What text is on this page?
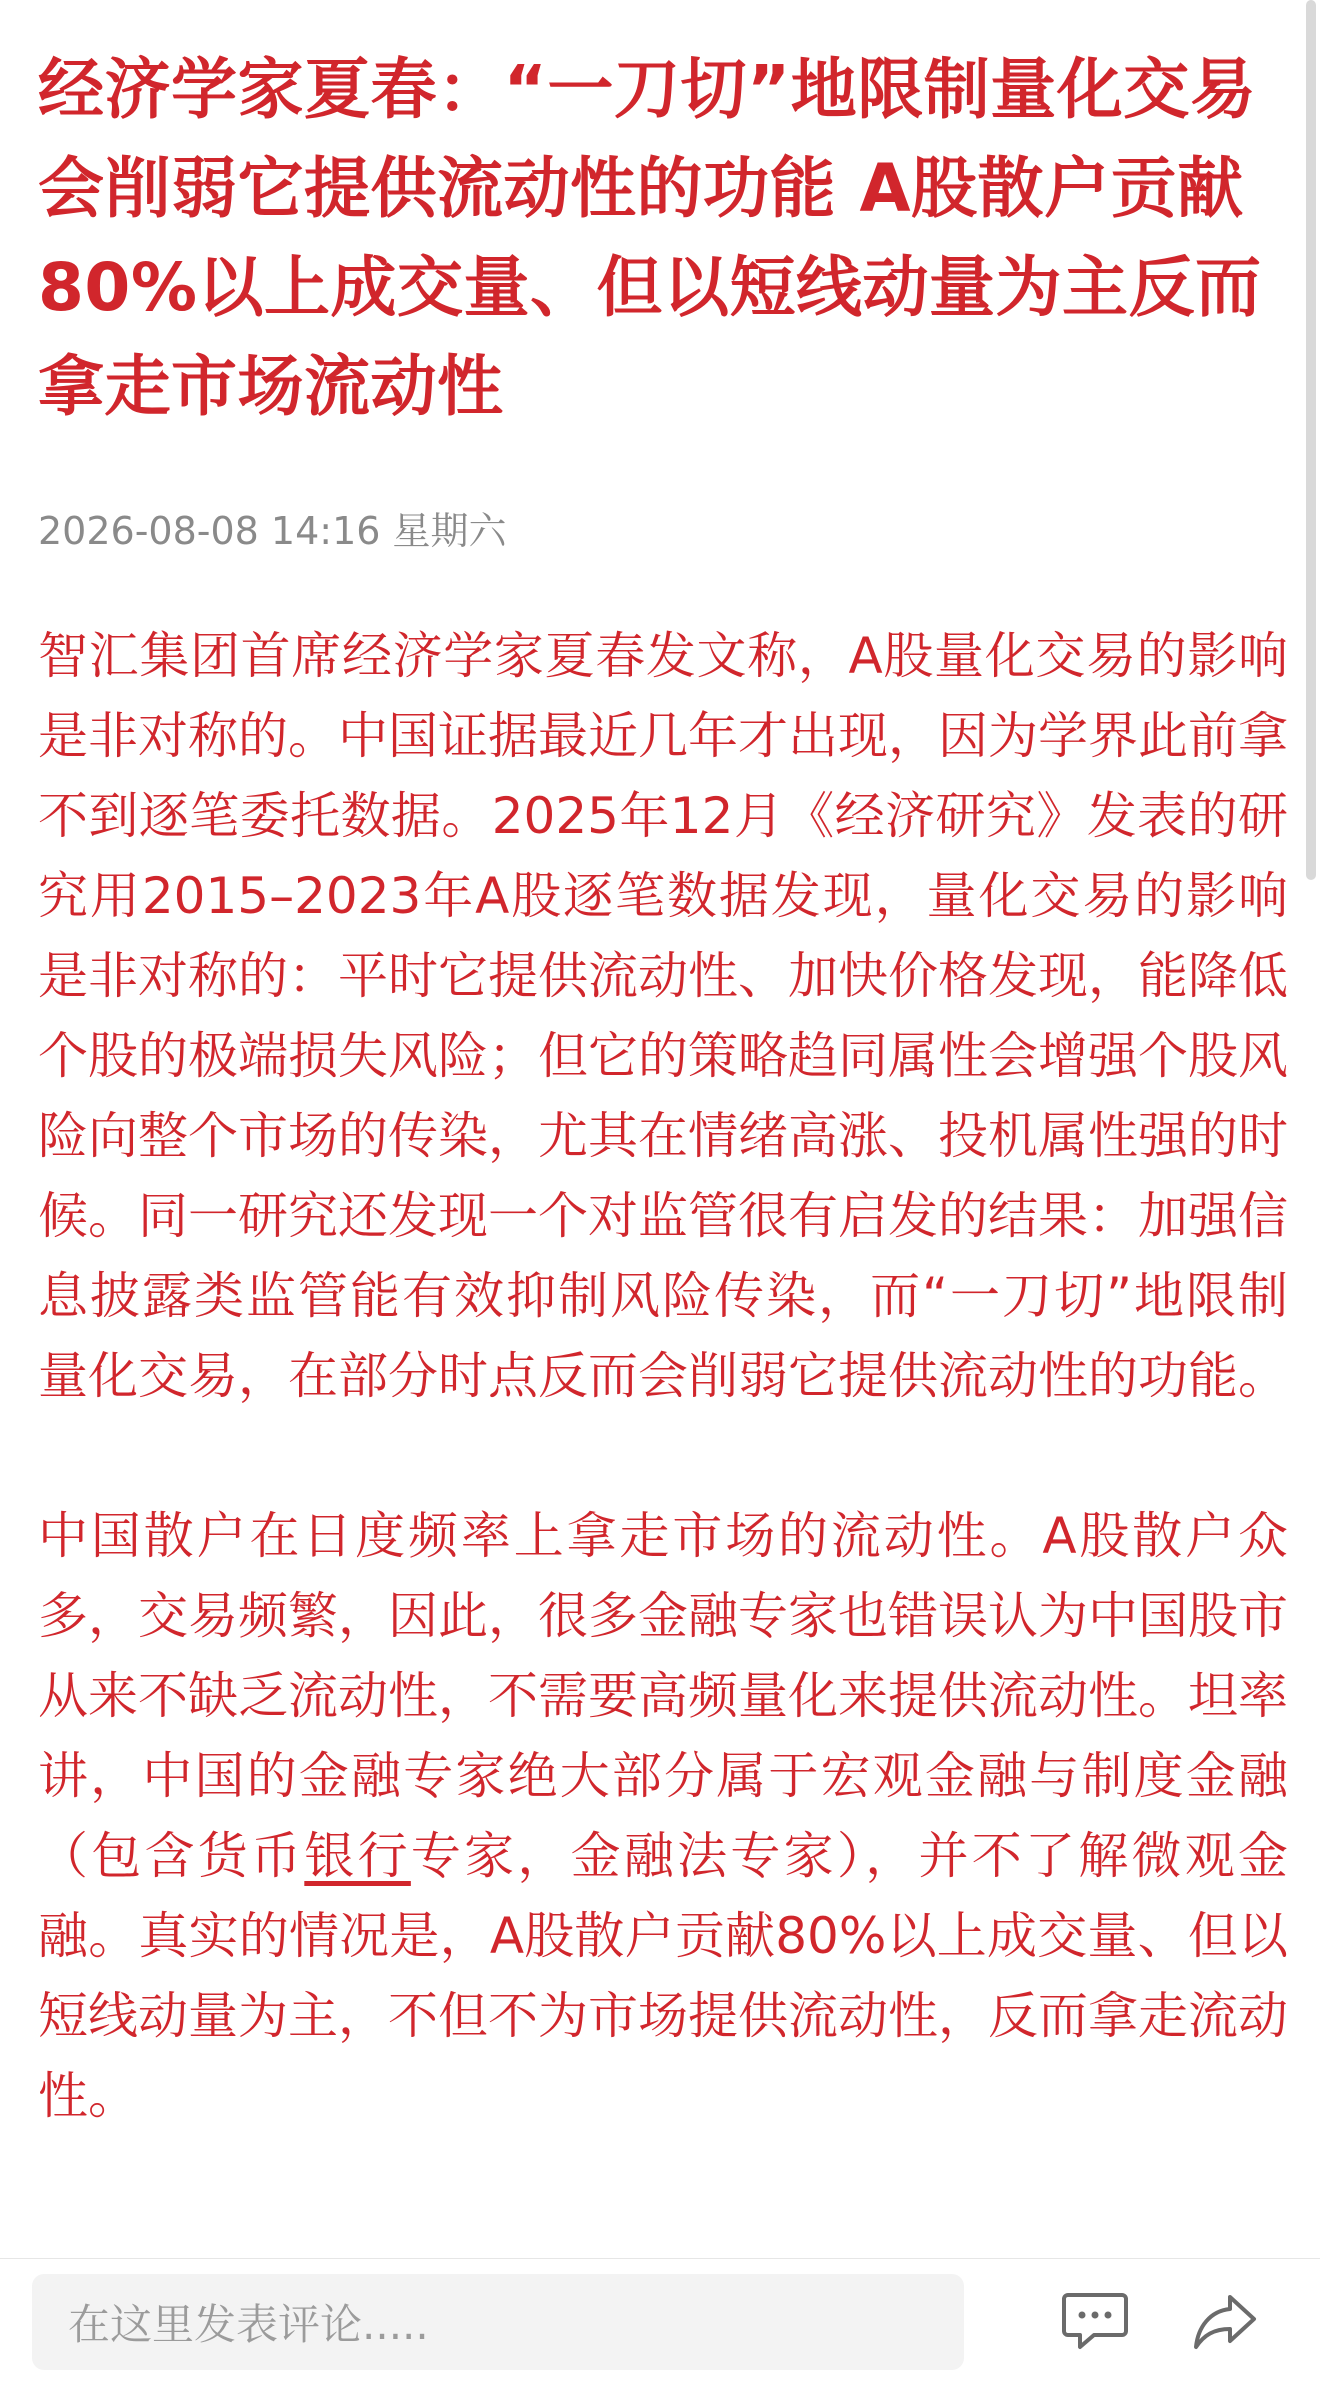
经济学家夏春：“一刀切”地限制量化交易会削弱它提供流动性的功能 A股散户贡献80%以上成交量、但以短线动量为主反而拿走市场流动性
2026-08-08 14:16 星期六

智汇集团首席经济学家夏春发文称，A股量化交易的影响是非对称的。中国证据最近几年才出现，因为学界此前拿不到逐笔委托数据。2025年12月《经济研究》发表的研究用2015–2023年A股逐笔数据发现，量化交易的影响是非对称的：平时它提供流动性、加快价格发现，能降低个股的极端损失风险；但它的策略趋同属性会增强个股风险向整个市场的传染，尤其在情绪高涨、投机属性强的时候。同一研究还发现一个对监管很有启发的结果：加强信息披露类监管能有效抑制风险传染，而“一刀切”地限制量化交易，在部分时点反而会削弱它提供流动性的功能。

中国散户在日度频率上拿走市场的流动性。A股散户众多，交易频繁，因此，很多金融专家也错误认为中国股市从来不缺乏流动性，不需要高频量化来提供流动性。坦率讲，中国的金融专家绝大部分属于宏观金融与制度金融（包含货币银行专家，金融法专家），并不了解微观金融。真实的情况是，A股散户贡献80%以上成交量、但以短线动量为主，不但不为市场提供流动性，反而拿走流动性。

在这里发表评论.....
